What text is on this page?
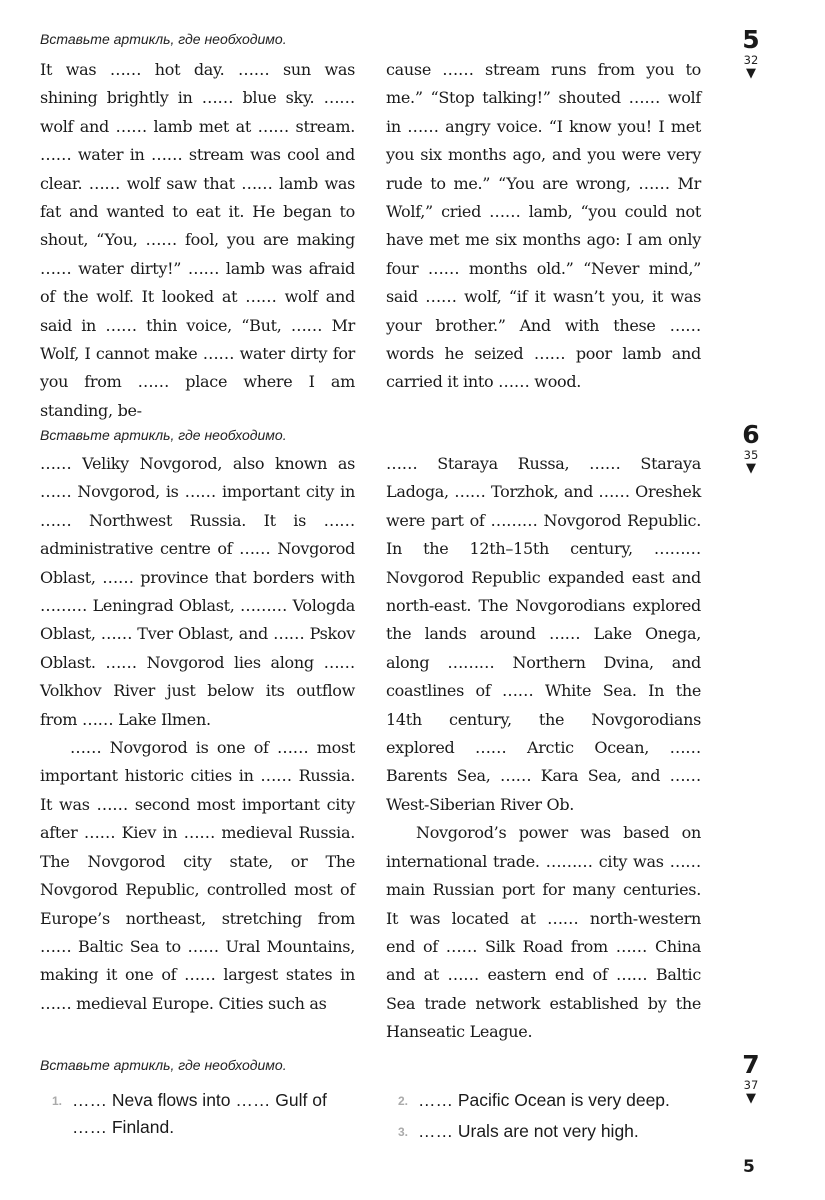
Вставьте артикль, где необходимо.	5
32
▼

It was …… hot day. …… sun was shining brightly in …… blue sky. …… wolf and …… lamb met at …… stream. …… water in …… stream was cool and clear. …… wolf saw that …… lamb was fat and wanted to eat it. He began to shout, “You, …… fool, you are making …… water dirty!” …… lamb was afraid of the wolf. It looked at …… wolf and said in …… thin voice, “But, …… Mr Wolf, I cannot make …… water dirty for you from …… place where I am standing, be-

cause …… stream runs from you to me.” “Stop talking!” shouted …… wolf in …… angry voice. “I know you! I met you six months ago, and you were very rude to me.” “You are wrong, …… Mr Wolf,” cried …… lamb, “you could not have met me six months ago: I am only four …… months old.” “Never mind,” said …… wolf, “if it wasn’t you, it was your brother.” And with these …… words he seized …… poor lamb and carried it into …… wood.

Вставьте артикль, где необходимо.	6
35
▼

…… Veliky Novgorod, also known as …… Novgorod, is …… important city in …… Northwest Russia. It is …… administrative centre of …… Novgorod Oblast, …… province that borders with ……… Leningrad Oblast, ……… Vologda Oblast, …… Tver Oblast, and …… Pskov Oblast. …… Novgorod lies along …… Volkhov River just below its outflow from …… Lake Ilmen.

…… Novgorod is one of …… most important historic cities in …… Russia. It was …… second most important city after …… Kiev in …… medieval Russia. The Novgorod city state, or The Novgorod Republic, controlled most of Europe’s northeast, stretching from …… Baltic Sea to …… Ural Mountains, making it one of …… largest states in …… medieval Europe. Cities such as

…… Staraya Russa, …… Staraya Ladoga, …… Torzhok, and …… Oreshek were part of ……… Novgorod Republic. In the 12th–15th century, ……… Novgorod Republic expanded east and north-east. The Novgorodians explored the lands around …… Lake Onega, along ……… Northern Dvina, and coastlines of …… White Sea. In the 14th century, the Novgorodians explored …… Arctic Ocean, …… Barents Sea, …… Kara Sea, and …… West-Siberian River Ob.

Novgorod’s power was based on international trade. ……… city was …… main Russian port for many centuries. It was located at …… north-western end of …… Silk Road from …… China and at …… eastern end of …… Baltic Sea trade network established by the Hanseatic League.

Вставьте артикль, где необходимо.	7
37
▼
1. …… Neva flows into …… Gulf of …… Finland.
2. …… Pacific Ocean is very deep.
3. …… Urals are not very high.
5
